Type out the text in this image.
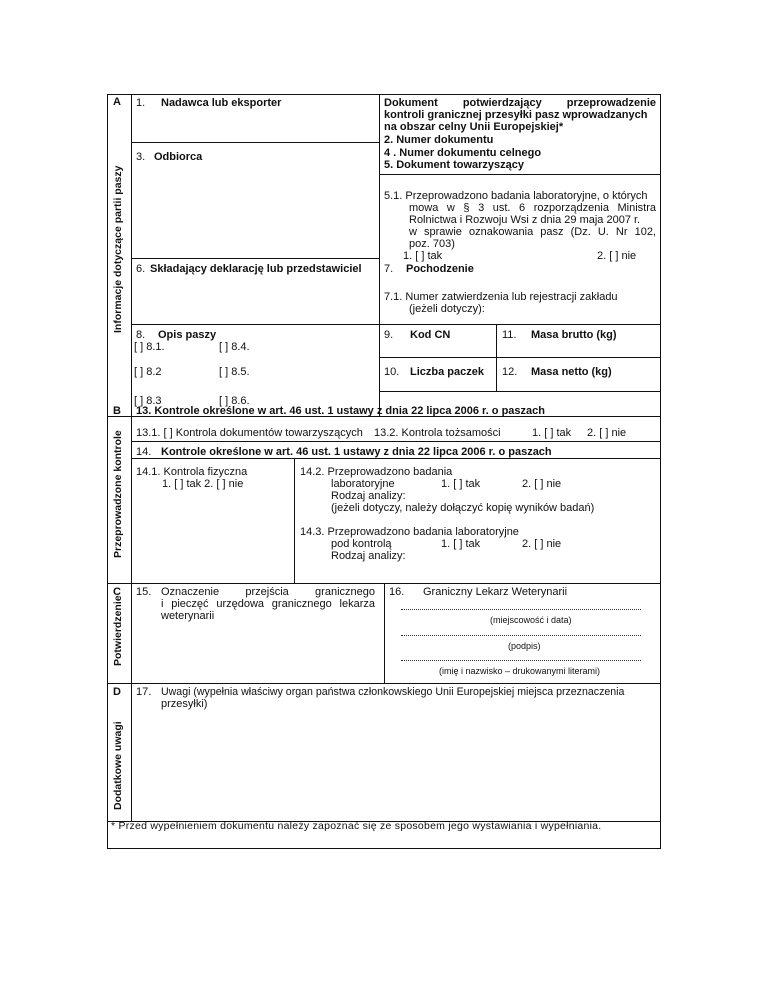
A
B
C
D
Informacje dotyczące partii paszy
Przeprowadzone kontrole
Potwierdzenie
Dodatkowe uwagi
1. Nadawca lub eksporter
3. Odbiorca
6. Składający deklarację lub przedstawiciel
Dokument potwierdzający przeprowadzenie
kontroli granicznej przesyłki pasz wprowadzanych
na obszar celny Unii Europejskiej*
2. Numer dokumentu
4 . Numer dokumentu celnego
5. Dokument towarzyszący
5.1. Przeprowadzono badania laboratoryjne, o których
mowa w § 3 ust. 6 rozporządzenia Ministra
Rolnictwa i Rozwoju Wsi z dnia 29 maja 2007 r.
w sprawie oznakowania pasz (Dz. U. Nr 102,
poz. 703)
1. [ ] tak	2. [ ] nie
7. Pochodzenie
7.1. Numer zatwierdzenia lub rejestracji zakładu
(jeżeli dotyczy):
8. Opis paszy
[ ] 8.1.	[ ] 8.4.
[ ] 8.2	[ ] 8.5.
[ ] 8.3	[ ] 8.6.
9. Kod CN	11. Masa brutto (kg)
10. Liczba paczek 12. Masa netto (kg)
13. Kontrole określone w art. 46 ust. 1 ustawy z dnia 22 lipca 2006 r. o paszach
13.1. [ ] Kontrola dokumentów towarzyszących 13.2. Kontrola tożsamości	1. [ ] tak 2. [ ] nie
14. Kontrole określone w art. 46 ust. 1 ustawy z dnia 22 lipca 2006 r. o paszach
14.1. Kontrola fizyczna
1. [ ] tak 2. [ ] nie
14.2. Przeprowadzono badania
laboratoryjne	1. [ ] tak	2. [ ] nie
Rodzaj analizy:
(jeżeli dotyczy, należy dołączyć kopię wyników badań)
14.3. Przeprowadzono badania laboratoryjne
pod kontrolą	1. [ ] tak	2. [ ] nie
Rodzaj analizy:
15. Oznaczenie przejścia granicznego
i pieczęć urzędowa granicznego lekarza
weterynarii
16. Graniczny Lekarz Weterynarii
(miejscowość i data)
(podpis)
(imię i nazwisko – drukowanymi literami)
17. Uwagi (wypełnia właściwy organ państwa członkowskiego Unii Europejskiej miejsca przeznaczenia
przesyłki)
* Przed wypełnieniem dokumentu należy zapoznać się ze sposobem jego wystawiania i wypełniania.
